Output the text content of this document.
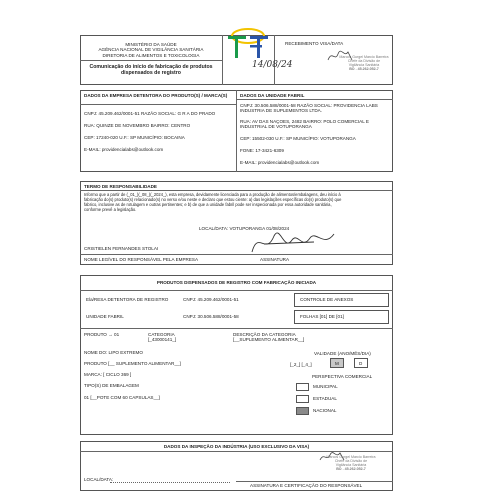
MINISTÉRIO DA SAÚDE
AGÊNCIA NACIONAL DE VIGILÂNCIA SANITÁRIA
DIRETORIA DE ALIMENTOS E TOXICOLOGIA
Comunicação do início de fabricação de produtos
dispensados de registro
RECEBIMENTO VISA/DATA
14/08/24
Marcos Gurgel Marcio Barreira
Chefe da Divisão de
Vigilância Sanitária
BO . 45.262.052-7
DADOS DA EMPRESA DETENTORA DO PRODUTO(S) / MARCA(S)
CNPJ: 45.209.462/0001-51 RAZÃO SOCIAL: G R A DO PRADO
RUA: QUINZE DE NOVEMBRO BAIRRO: CENTRO
CEP: 17240-020 U.F.: SP MUNICÍPIO: BOCAINA
E-MAIL: providencialabs@outlook.com
DADOS DA UNIDADE FABRIL
CNPJ: 30.506.588/0001-58 RAZÃO SOCIAL: PROVIDENCIA LABS
INDUSTRIA DE SUPLEMENTOS LTDA.
RUA: AV DAS NAÇOES, 2482 BAIRRO: POLO COMERCIAL E
INDUSTRIAL DE VOTUPORANGA
CEP: 15502-030 U.F.: SP MUNICÍPIO: VOTUPORANGA
FONE: 17-3421-6309
E-MAIL: providencialabs@outlook.com
TERMO DE RESPONSABILIDADE
Informo que a partir de (_01_)(_08_)(_2024_), esta empresa, devidamente licenciada para a produção de alimentos/embalagens, deu início à
fabricação do(s) produto(s) relacionado(s) no verso e/ou neste e declaro que estou ciente: a) das legislações específicas do(s) produto(s) que
fabrico, inclusive as de rotulagem e outras pertinentes; e b) de que a unidade fabril pode ser inspecionada por essa autoridade sanitária,
conforme prevê a legislação.
LOCAL/DATA: VOTUPORANGA 01/08/2024
CRISTIELEN FERNANDES STOLAI
NOME LEGÍVEL DO RESPONSÁVEL PELA EMPRESA	ASSINATURA
PRODUTOS DISPENSADOS DE REGISTRO COM FABRICAÇÃO INICIADA
Ela/RESA DETENTORA DE REGISTRO	CNPJ: 45.209.462/0001-51	CONTROLE DE ANEXOS
UNIDADE FABRIL	CNPJ: 30.506.588/0001-58	FOLHAS [01] DE [01]
PRODUTO → 01	CATEGORIA
[_43000141_]
DESCRIÇÃO DA CATEGORIA
[__SUPLEMENTO ALIMENTAR__]
NOME DO: LIPO EXTREMO
PRODUTO [__ SUPLEMENTO ALIMENTAR__]
MARCA: [ CICLO 369 ]
TIPO(S) DE EMBALAGEM
01 [__POTE COM 60 CAPSULAS__]
VALIDADE (ANO/MÊS/DIA)
[_2_] [_4_]	M	D
PERSPECTIVA COMERCIAL
MUNICIPAL
ESTADUAL
NACIONAL
DADOS DA INSPEÇÃO DA INDÚSTRIA (USO EXCLUSIVO DA VISA)
Marcos Gurgel Marcio Barreira
Chefe da Divisão de
Vigilância Sanitária
BO . 45.262.052-7
LOCAL/DATA:
ASSINATURA E CERTIFICAÇÃO DO RESPONSÁVEL
